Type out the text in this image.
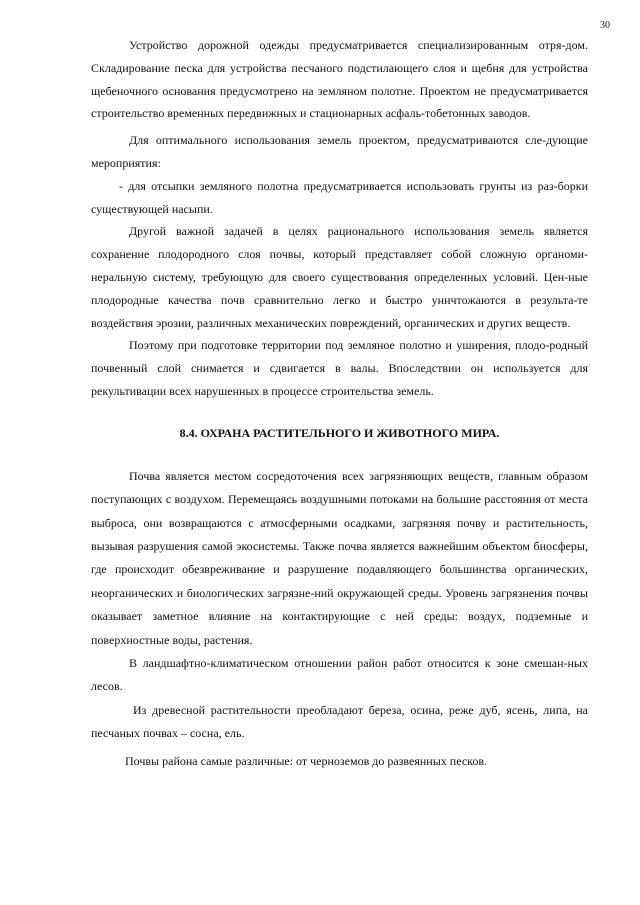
30

Устройство дорожной одежды предусматривается специализированным отря-дом. Складирование песка для устройства песчаного подстилающего слоя и щебня для устройства щебеночного основания предусмотрено на земляном полотне. Проектом не предусматривается строительство временных передвижных и стационарных асфаль-тобетонных заводов.

Для оптимального использования земель проектом, предусматриваются сле-дующие мероприятия:

- для отсыпки земляного полотна предусматривается использовать грунты из раз-борки существующей насыпи.

Другой важной задачей в целях рационального использования земель является сохранение плодородного слоя почвы, который представляет собой сложную органоми-неральную систему, требующую для своего существования определенных условий. Цен-ные плодородные качества почв сравнительно легко и быстро уничтожаются в результа-те воздействия эрозии, различных механических повреждений, органических и других веществ.

Поэтому при подготовке территории под земляное полотно и уширения, плодо-родный почвенный слой снимается и сдвигается в валы. Впоследствии он используется для рекультивации всех нарушенных в процессе строительства земель.

8.4. ОХРАНА РАСТИТЕЛЬНОГО И ЖИВОТНОГО МИРА.

Почва является местом сосредоточения всех загрязняющих веществ, главным образом поступающих с воздухом. Перемещаясь воздушными потоками на большие расстояния от места выброса, они возвращаются с атмосферными осадками, загрязняя почву и растительность, вызывая разрушения самой экосистемы. Также почва является важнейшим объектом биосферы, где происходит обезвреживание и разрушение подавляющего большинства органических, неорганических и биологических загрязне-ний окружающей среды. Уровень загрязнения почвы оказывает заметное влияние на контактирующие с ней среды: воздух, подземные и поверхностные воды, растения.

В ландшафтно-климатическом отношении район работ относится к зоне смешан-ных лесов.

Из древесной растительности преобладают береза, осина, реже дуб, ясень, липа, на песчаных почвах – сосна, ель.

Почвы района самые различные: от черноземов до развеянных песков.
